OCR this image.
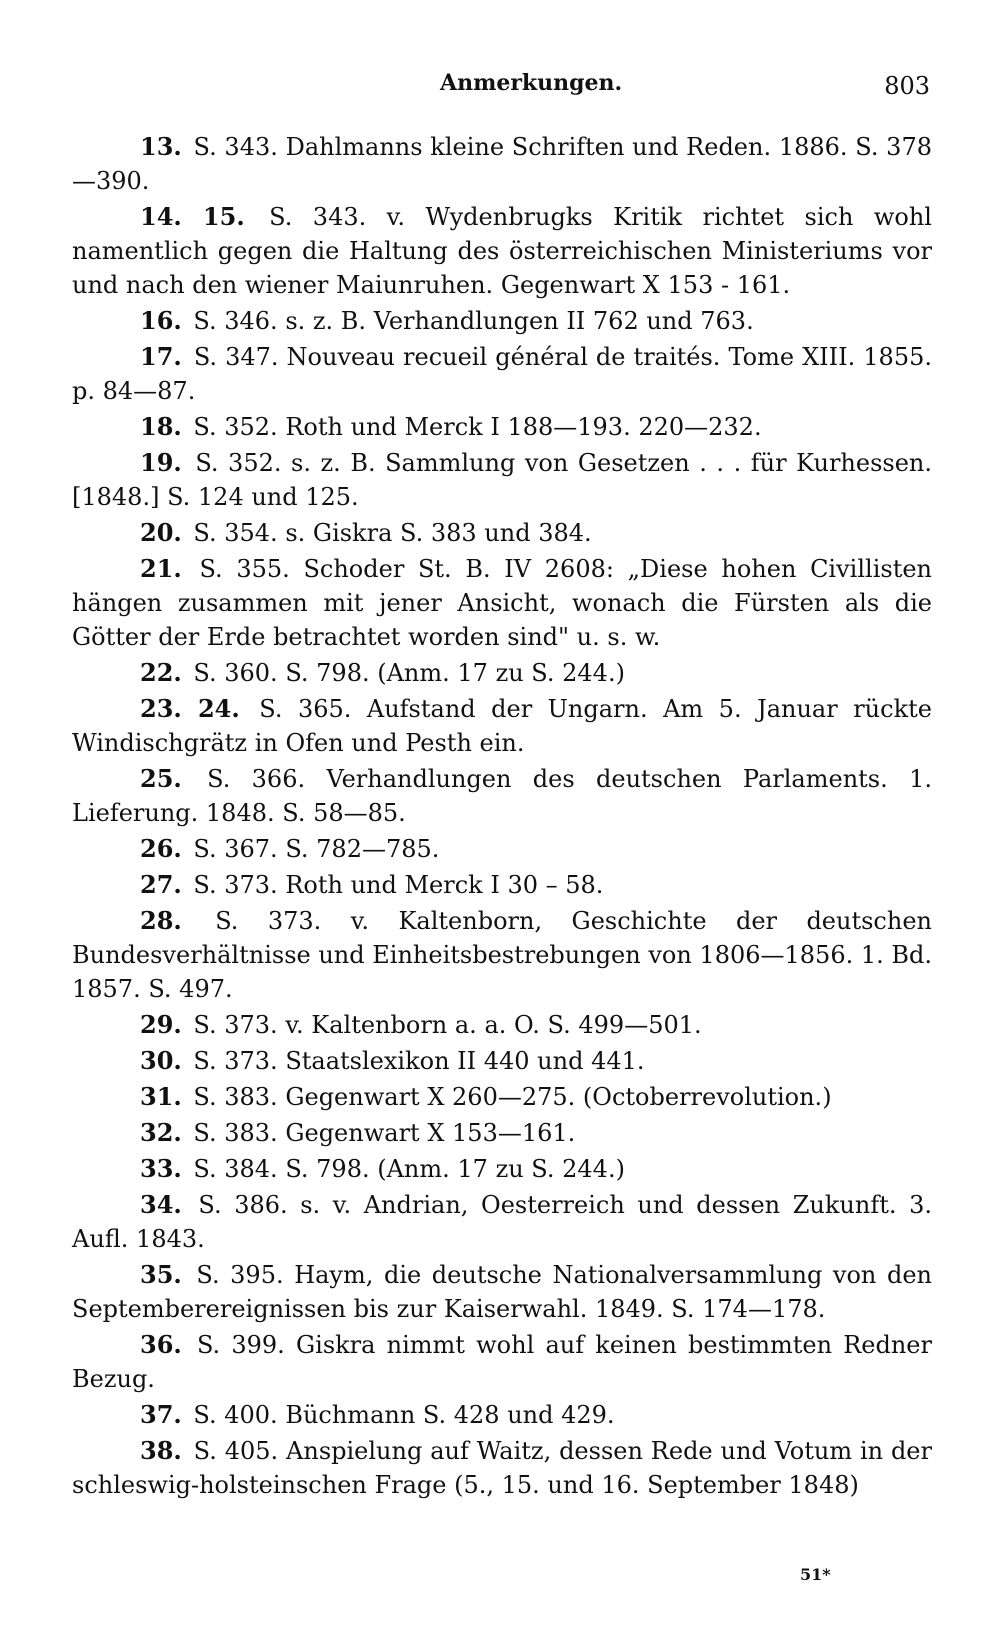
Anmerkungen.	803

13. S. 343. Dahlmanns kleine Schriften und Reden. 1886. S. 378—390.

14. 15. S. 343. v. Wydenbrugks Kritik richtet sich wohl namentlich gegen die Haltung des österreichischen Ministeriums vor und nach den wiener Maiunruhen. Gegenwart X 153 - 161.

16. S. 346. s. z. B. Verhandlungen II 762 und 763.

17. S. 347. Nouveau recueil général de traités. Tome XIII. 1855. p. 84—87.

18. S. 352. Roth und Merck I 188—193. 220—232.

19. S. 352. s. z. B. Sammlung von Gesetzen . . . für Kurhessen. [1848.] S. 124 und 125.

20. S. 354. s. Giskra S. 383 und 384.

21. S. 355. Schoder St. B. IV 2608: „Diese hohen Civillisten hängen zusammen mit jener Ansicht, wonach die Fürsten als die Götter der Erde betrachtet worden sind" u. s. w.

22. S. 360. S. 798. (Anm. 17 zu S. 244.)

23. 24. S. 365. Aufstand der Ungarn. Am 5. Januar rückte Windischgrätz in Ofen und Pesth ein.

25. S. 366. Verhandlungen des deutschen Parlaments. 1. Lieferung. 1848. S. 58—85.

26. S. 367. S. 782—785.

27. S. 373. Roth und Merck I 30 – 58.

28. S. 373. v. Kaltenborn, Geschichte der deutschen Bundesverhältnisse und Einheitsbestrebungen von 1806—1856. 1. Bd. 1857. S. 497.

29. S. 373. v. Kaltenborn a. a. O. S. 499—501.

30. S. 373. Staatslexikon II 440 und 441.

31. S. 383. Gegenwart X 260—275. (Octoberrevolution.)

32. S. 383. Gegenwart X 153—161.

33. S. 384. S. 798. (Anm. 17 zu S. 244.)

34. S. 386. s. v. Andrian, Oesterreich und dessen Zukunft. 3. Aufl. 1843.

35. S. 395. Haym, die deutsche Nationalversammlung von den Septemberereignissen bis zur Kaiserwahl. 1849. S. 174—178.

36. S. 399. Giskra nimmt wohl auf keinen bestimmten Redner Bezug.

37. S. 400. Büchmann S. 428 und 429.

38. S. 405. Anspielung auf Waitz, dessen Rede und Votum in der schleswig-holsteinschen Frage (5., 15. und 16. September 1848)

51*
